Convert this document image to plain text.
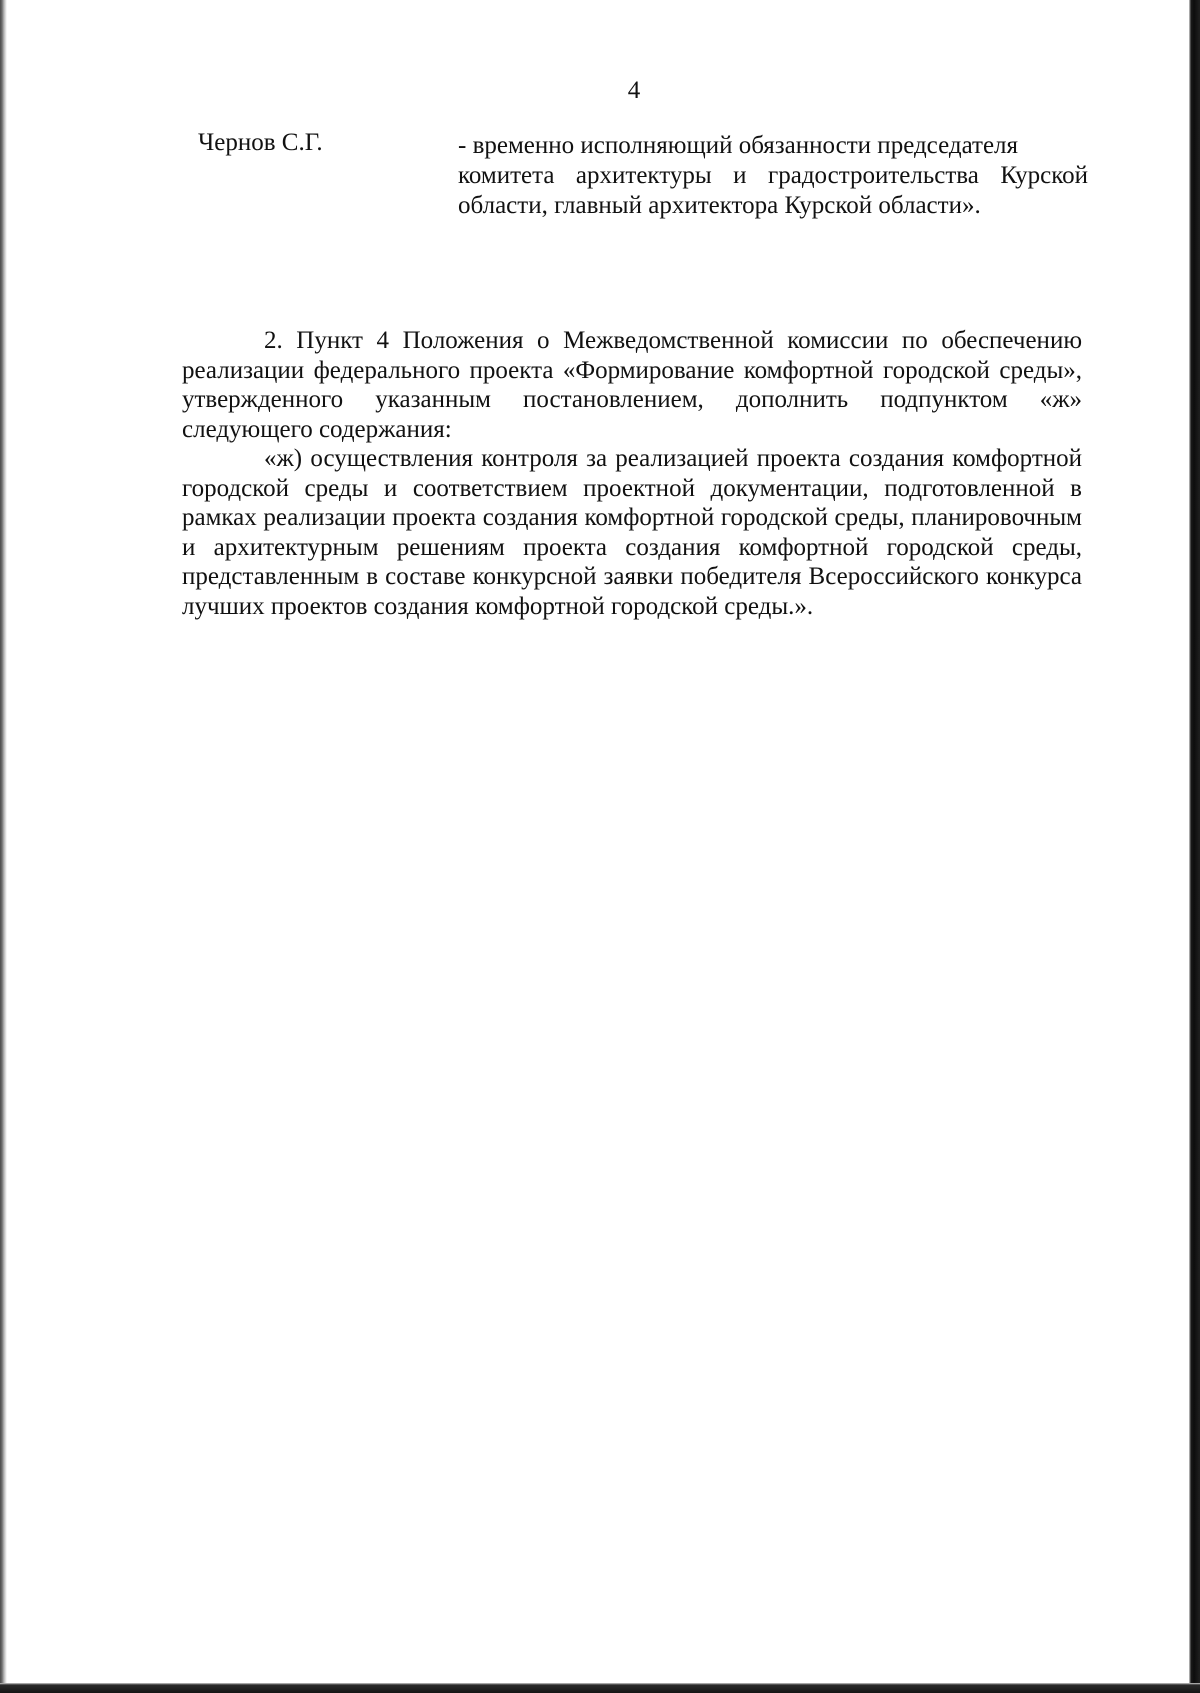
4
Чернов С.Г.	- временно исполняющий обязанности председателя
комитета архитектуры и градостроительства Курской области, главный архитектора Курской области».

2. Пункт 4 Положения о Межведомственной комиссии по обеспечению реализации федерального проекта «Формирование комфортной городской среды», утвержденного указанным постановлением, дополнить подпунктом «ж» следующего содержания:

«ж) осуществления контроля за реализацией проекта создания комфортной городской среды и соответствием проектной документации, подготовленной в рамках реализации проекта создания комфортной городской среды, планировочным и архитектурным решениям проекта создания комфортной городской среды, представленным в составе конкурсной заявки победителя Всероссийского конкурса лучших проектов создания комфортной городской среды.».
